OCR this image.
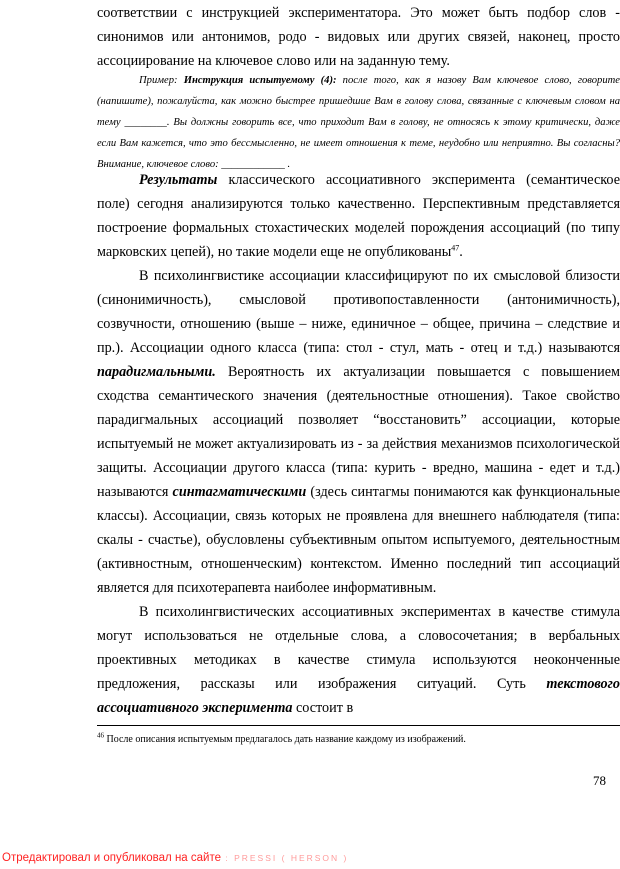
соответствии с инструкцией экспериментатора. Это может быть подбор слов - синонимов или антонимов, родо - видовых или других связей, наконец, просто ассоциирование на ключевое слово или на заданную тему.

Пример: Инструкция испытуемому (4): после того, как я назову Вам ключевое слово, говорите (напишите), пожалуйста, как можно быстрее пришедшие Вам в голову слова, связанные с ключевым словом на тему ________. Вы должны говорить все, что приходит Вам в голову, не относясь к этому критически, даже если Вам кажется, что это бессмысленно, не имеет отношения к теме, неудобно или неприятно. Вы согласны? Внимание, ключевое слово: ____________ .

Результаты классического ассоциативного эксперимента (семантическое поле) сегодня анализируются только качественно. Перспективным представляется построение формальных стохастических моделей порождения ассоциаций (по типу марковских цепей), но такие модели еще не опубликованы$^{47}$.

В психолингвистике ассоциации классифицируют по их смысловой близости (синонимичность), смысловой противопоставленности (антонимичность), созвучности, отношению (выше – ниже, единичное – общее, причина – следствие и пр.). Ассоциации одного класса (типа: стол - стул, мать - отец и т.д.) называются парадигмальными. Вероятность их актуализации повышается с повышением сходства семантического значения (деятельностные отношения). Такое свойство парадигмальных ассоциаций позволяет “восстановить” ассоциации, которые испытуемый не может актуализировать из - за действия механизмов психологической защиты. Ассоциации другого класса (типа: курить - вредно, машина - едет и т.д.) называются синтагматическими (здесь синтагмы понимаются как функциональные классы). Ассоциации, связь которых не проявлена для внешнего наблюдателя (типа: скалы - счастье), обусловлены субъективным опытом испытуемого, деятельностным (активностным, отношенческим) контекстом. Именно последний тип ассоциаций является для психотерапевта наиболее информативным.

В психолингвистических ассоциативных экспериментах в качестве стимула могут использоваться не отдельные слова, а словосочетания; в вербальных проективных методиках в качестве стимула используются неоконченные предложения, рассказы или изображения ситуаций. Суть текстового ассоциативного эксперимента состоит в

$^{46}$ После описания испытуемым предлагалось дать название каждому из изображений.

78

Отредактировал и опубликовал на сайте : PRESSI ( HERSON )
